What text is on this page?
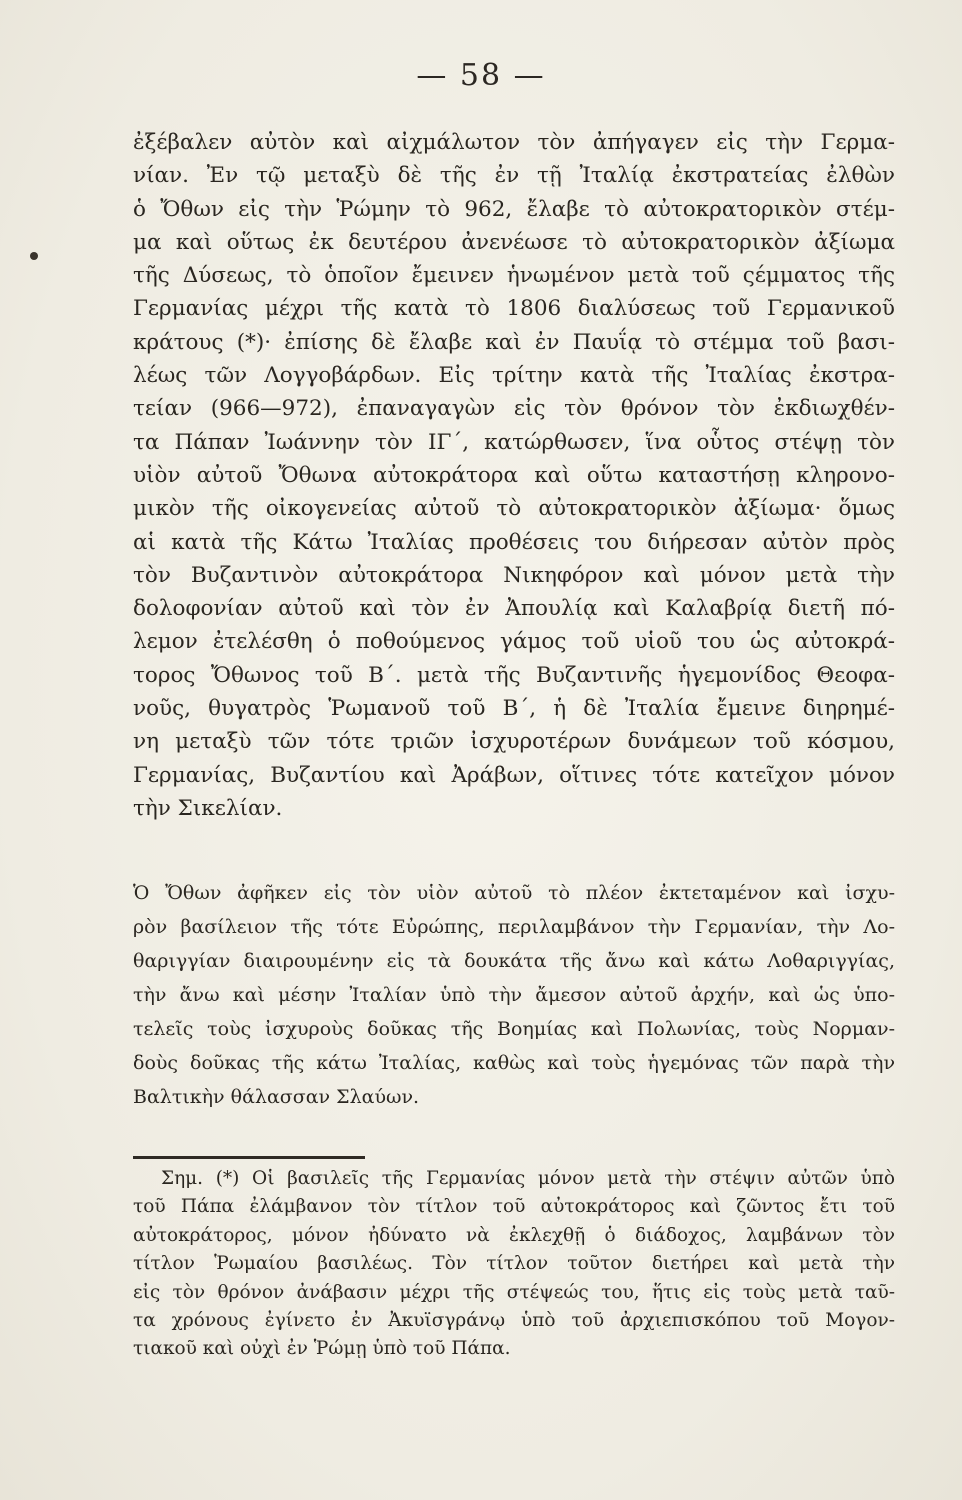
— 58 —
ἐξέβαλεν αὐτὸν καὶ αἰχμάλωτον τὸν ἀπήγαγεν εἰς τὴν Γερμα-
νίαν. Ἐν τῷ μεταξὺ δὲ τῆς ἐν τῇ Ἰταλίᾳ ἐκστρατείας ἐλθὼν
ὁ Ὄθων εἰς τὴν Ῥώμην τὸ 962, ἔλαβε τὸ αὐτοκρατορικὸν στέμ-
μα καὶ οὕτως ἐκ δευτέρου ἀνενέωσε τὸ αὐτοκρατορικὸν ἀξίωμα
τῆς Δύσεως, τὸ ὁποῖον ἔμεινεν ἡνωμένον μετὰ τοῦ ςέμματος τῆς
Γερμανίας μέχρι τῆς κατὰ τὸ 1806 διαλύσεως τοῦ Γερμανικοῦ
κράτους (*)· ἐπίσης δὲ ἔλαβε καὶ ἐν Παυΐᾳ τὸ στέμμα τοῦ βασι-
λέως τῶν Λογγοβάρδων. Εἰς τρίτην κατὰ τῆς Ἰταλίας ἐκστρα-
τείαν (966—972), ἐπαναγαγὼν εἰς τὸν θρόνον τὸν ἐκδιωχθέν-
τα Πάπαν Ἰωάννην τὸν ΙΓ΄, κατώρθωσεν, ἵνα οὗτος στέψῃ τὸν
υἱὸν αὐτοῦ Ὄθωνα αὐτοκράτορα καὶ οὕτω καταστήσῃ κληρονο-
μικὸν τῆς οἰκογενείας αὐτοῦ τὸ αὐτοκρατορικὸν ἀξίωμα· ὅμως
αἱ κατὰ τῆς Κάτω Ἰταλίας προθέσεις του διήρεσαν αὐτὸν πρὸς
τὸν Βυζαντινὸν αὐτοκράτορα Νικηφόρον καὶ μόνον μετὰ τὴν
δολοφονίαν αὐτοῦ καὶ τὸν ἐν Ἀπουλίᾳ καὶ Καλαβρίᾳ διετῆ πό-
λεμον ἐτελέσθη ὁ ποθούμενος γάμος τοῦ υἱοῦ του ὡς αὐτοκρά-
τορος Ὄθωνος τοῦ Β΄. μετὰ τῆς Βυζαντινῆς ἡγεμονίδος Θεοφα-
νοῦς, θυγατρὸς Ῥωμανοῦ τοῦ Β΄, ἡ δὲ Ἰταλία ἔμεινε διηρημέ-
νη μεταξὺ τῶν τότε τριῶν ἰσχυροτέρων δυνάμεων τοῦ κόσμου,
Γερμανίας, Βυζαντίου καὶ Ἀράβων, οἵτινες τότε κατεῖχον μόνον
τὴν Σικελίαν.
Ὁ Ὄθων ἀφῆκεν εἰς τὸν υἱὸν αὐτοῦ τὸ πλέον ἐκτεταμένον καὶ ἰσχυ-
ρὸν βασίλειον τῆς τότε Εὐρώπης, περιλαμβάνον τὴν Γερμανίαν, τὴν Λο-
θαριγγίαν διαιρουμένην εἰς τὰ δουκάτα τῆς ἄνω καὶ κάτω Λοθαριγγίας,
τὴν ἄνω καὶ μέσην Ἰταλίαν ὑπὸ τὴν ἄμεσον αὐτοῦ ἀρχήν, καὶ ὡς ὑπο-
τελεῖς τοὺς ἰσχυροὺς δοῦκας τῆς Βοημίας καὶ Πολωνίας, τοὺς Νορμαν-
δοὺς δοῦκας τῆς κάτω Ἰταλίας, καθὼς καὶ τοὺς ἡγεμόνας τῶν παρὰ τὴν
Βαλτικὴν θάλασσαν Σλαύων.
Σημ. (*) Οἱ βασιλεῖς τῆς Γερμανίας μόνον μετὰ τὴν στέψιν αὐτῶν ὑπὸ
τοῦ Πάπα ἐλάμβανον τὸν τίτλον τοῦ αὐτοκράτορος καὶ ζῶντος ἔτι τοῦ
αὐτοκράτορος, μόνον ἠδύνατο νὰ ἐκλεχθῇ ὁ διάδοχος, λαμβάνων τὸν
τίτλον Ῥωμαίου βασιλέως. Τὸν τίτλον τοῦτον διετήρει καὶ μετὰ τὴν
εἰς τὸν θρόνον ἀνάβασιν μέχρι τῆς στέψεώς του, ἥτις εἰς τοὺς μετὰ ταῦ-
τα χρόνους ἐγίνετο ἐν Ἀκυϊσγράνῳ ὑπὸ τοῦ ἀρχιεπισκόπου τοῦ Μογον-
τιακοῦ καὶ οὐχὶ ἐν Ῥώμῃ ὑπὸ τοῦ Πάπα.
